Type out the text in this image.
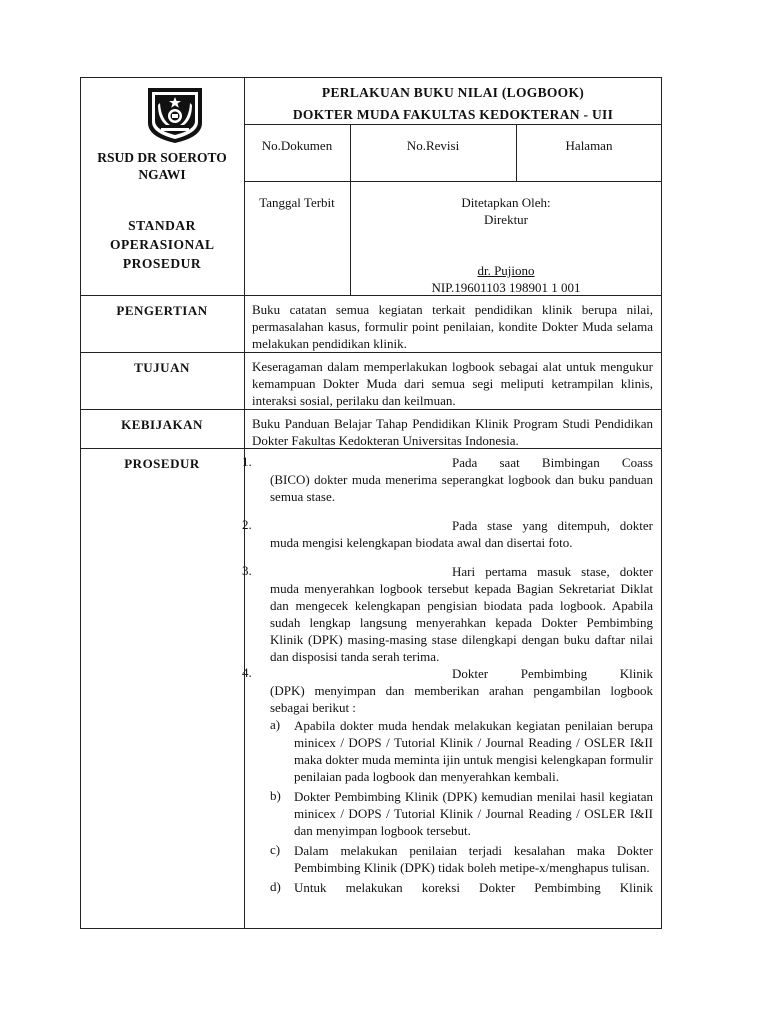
RSUD DR SOEROTO NGAWI
PERLAKUAN BUKU NILAI (LOGBOOK)
DOKTER MUDA FAKULTAS KEDOKTERAN - UII
No.Dokumen	No.Revisi	Halaman
STANDAR OPERASIONAL PROSEDUR
Tanggal Terbit	Ditetapkan Oleh:
Direktur
dr. Pujiono
NIP.19601103 198901 1 001
PENGERTIAN	Buku catatan semua kegiatan terkait pendidikan klinik berupa nilai, permasalahan kasus, formulir point penilaian, kondite Dokter Muda selama melakukan pendidikan klinik.
TUJUAN	Keseragaman dalam memperlakukan logbook sebagai alat untuk mengukur kemampuan Dokter Muda dari semua segi meliputi ketrampilan klinis, interaksi sosial, perilaku dan keilmuan.
KEBIJAKAN	Buku Panduan Belajar Tahap Pendidikan Klinik Program Studi Pendidikan Dokter Fakultas Kedokteran Universitas Indonesia.
PROSEDUR	1.	Pada saat Bimbingan Coass
(BICO) dokter muda menerima seperangkat logbook dan buku panduan semua stase.
2.	Pada stase yang ditempuh, dokter
muda mengisi kelengkapan biodata awal dan disertai foto.
3.	Hari pertama masuk stase, dokter
muda menyerahkan logbook tersebut kepada Bagian Sekretariat Diklat dan mengecek kelengkapan pengisian biodata pada logbook. Apabila sudah lengkap langsung menyerahkan kepada Dokter Pembimbing Klinik (DPK) masing-masing stase dilengkapi dengan buku daftar nilai dan disposisi tanda serah terima.
4.	Dokter Pembimbing Klinik
(DPK) menyimpan dan memberikan arahan pengambilan logbook sebagai berikut :
a) Apabila dokter muda hendak melakukan kegiatan penilaian berupa minicex / DOPS / Tutorial Klinik / Journal Reading / OSLER I&II maka dokter muda meminta ijin untuk mengisi kelengkapan formulir penilaian pada logbook dan menyerahkan kembali.
b) Dokter Pembimbing Klinik (DPK) kemudian menilai hasil kegiatan minicex / DOPS / Tutorial Klinik / Journal Reading / OSLER I&II dan menyimpan logbook tersebut.
c) Dalam melakukan penilaian terjadi kesalahan maka Dokter Pembimbing Klinik (DPK) tidak boleh metipe-x/menghapus tulisan.
d) Untuk melakukan koreksi Dokter Pembimbing Klinik
